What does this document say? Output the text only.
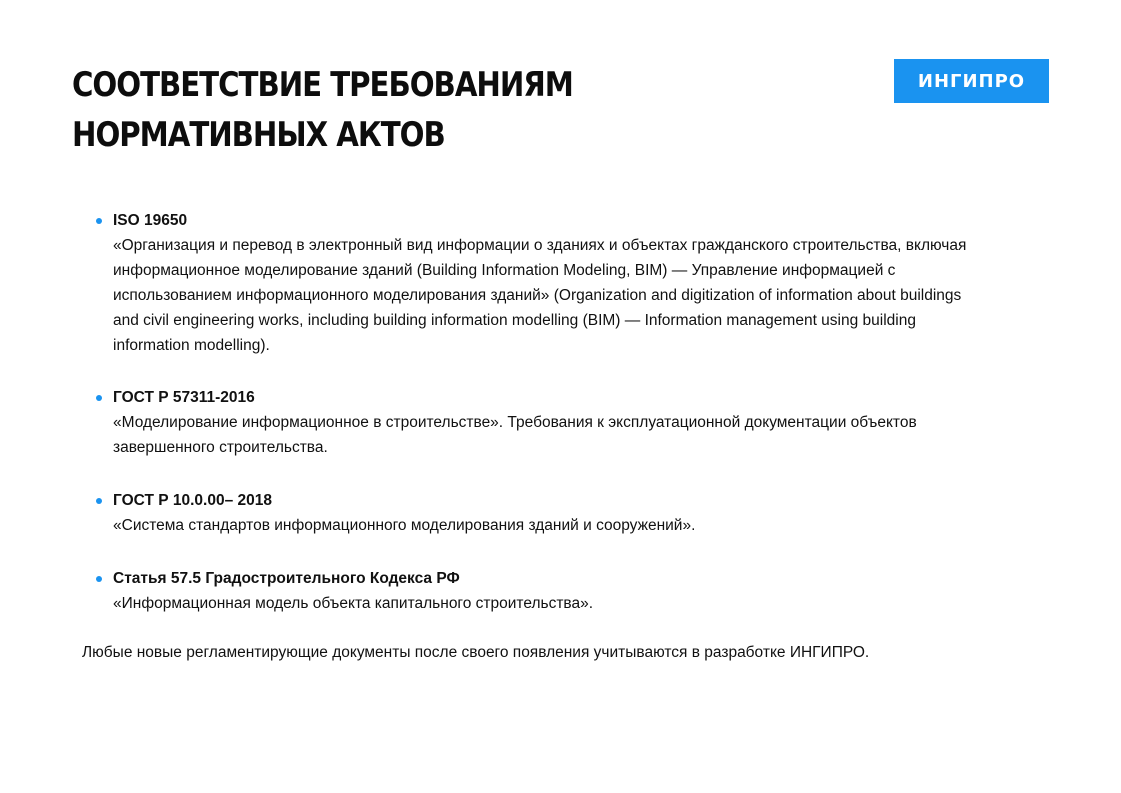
СООТВЕТСТВИЕ ТРЕБОВАНИЯМ
НОРМАТИВНЫХ АКТОВ
ИНГИПРО
ISO 19650
«Организация и перевод в электронный вид информации о зданиях и объектах гражданского строительства, включая информационное моделирование зданий (Building Information Modeling, BIM) — Управление информацией с использованием информационного моделирования зданий» (Organization and digitization of information about buildings and civil engineering works, including building information modelling (BIM) — Information management using building information modelling).
ГОСТ Р 57311-2016
«Моделирование информационное в строительстве». Требования к эксплуатационной документации объектов завершенного строительства.
ГОСТ Р 10.0.00– 2018
«Система стандартов информационного моделирования зданий и сооружений».
Статья 57.5 Градостроительного Кодекса РФ
«Информационная модель объекта капитального строительства».

Любые новые регламентирующие документы после своего появления учитываются в разработке ИНГИПРО.
